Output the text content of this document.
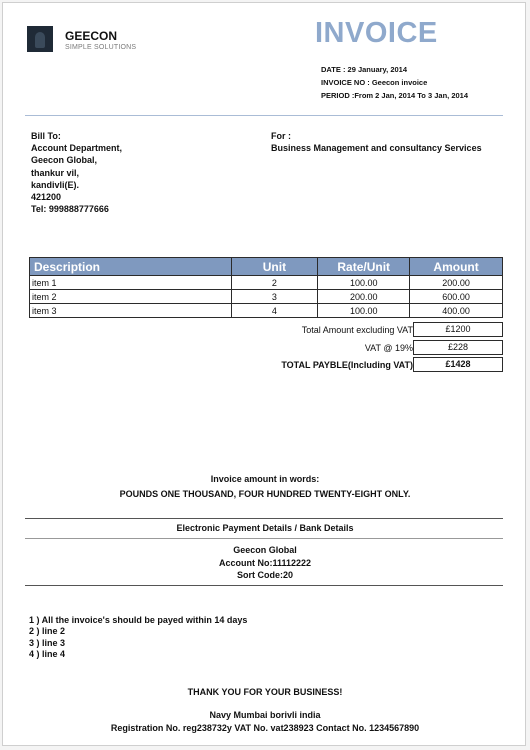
GEECON
SIMPLE SOLUTIONS	INVOICE
DATE : 29 January, 2014
INVOICE NO : Geecon invoice
PERIOD :From 2 Jan, 2014 To 3 Jan, 2014
Bill To:
Account Department,
Geecon Global,
thankur vil,
kandivli(E).
421200
Tel: 999888777666
For :
Business Management and consultancy Services
Description	Unit	Rate/Unit	Amount
item 1	2	100.00	200.00
item 2	3	200.00	600.00
item 3	4	100.00	400.00
Total Amount excluding VAT	£1200
VAT @ 19%	£228
TOTAL PAYBLE(Including VAT)	£1428
Invoice amount in words:
POUNDS ONE THOUSAND, FOUR HUNDRED TWENTY-EIGHT ONLY.
Electronic Payment Details / Bank Details
Geecon Global
Account No:11112222
Sort Code:20
1 ) All the invoice's should be payed within 14 days
2 ) line 2
3 ) line 3
4 ) line 4
THANK YOU FOR YOUR BUSINESS!
Navy Mumbai borivli india
Registration No. reg238732y VAT No. vat238923 Contact No. 1234567890
